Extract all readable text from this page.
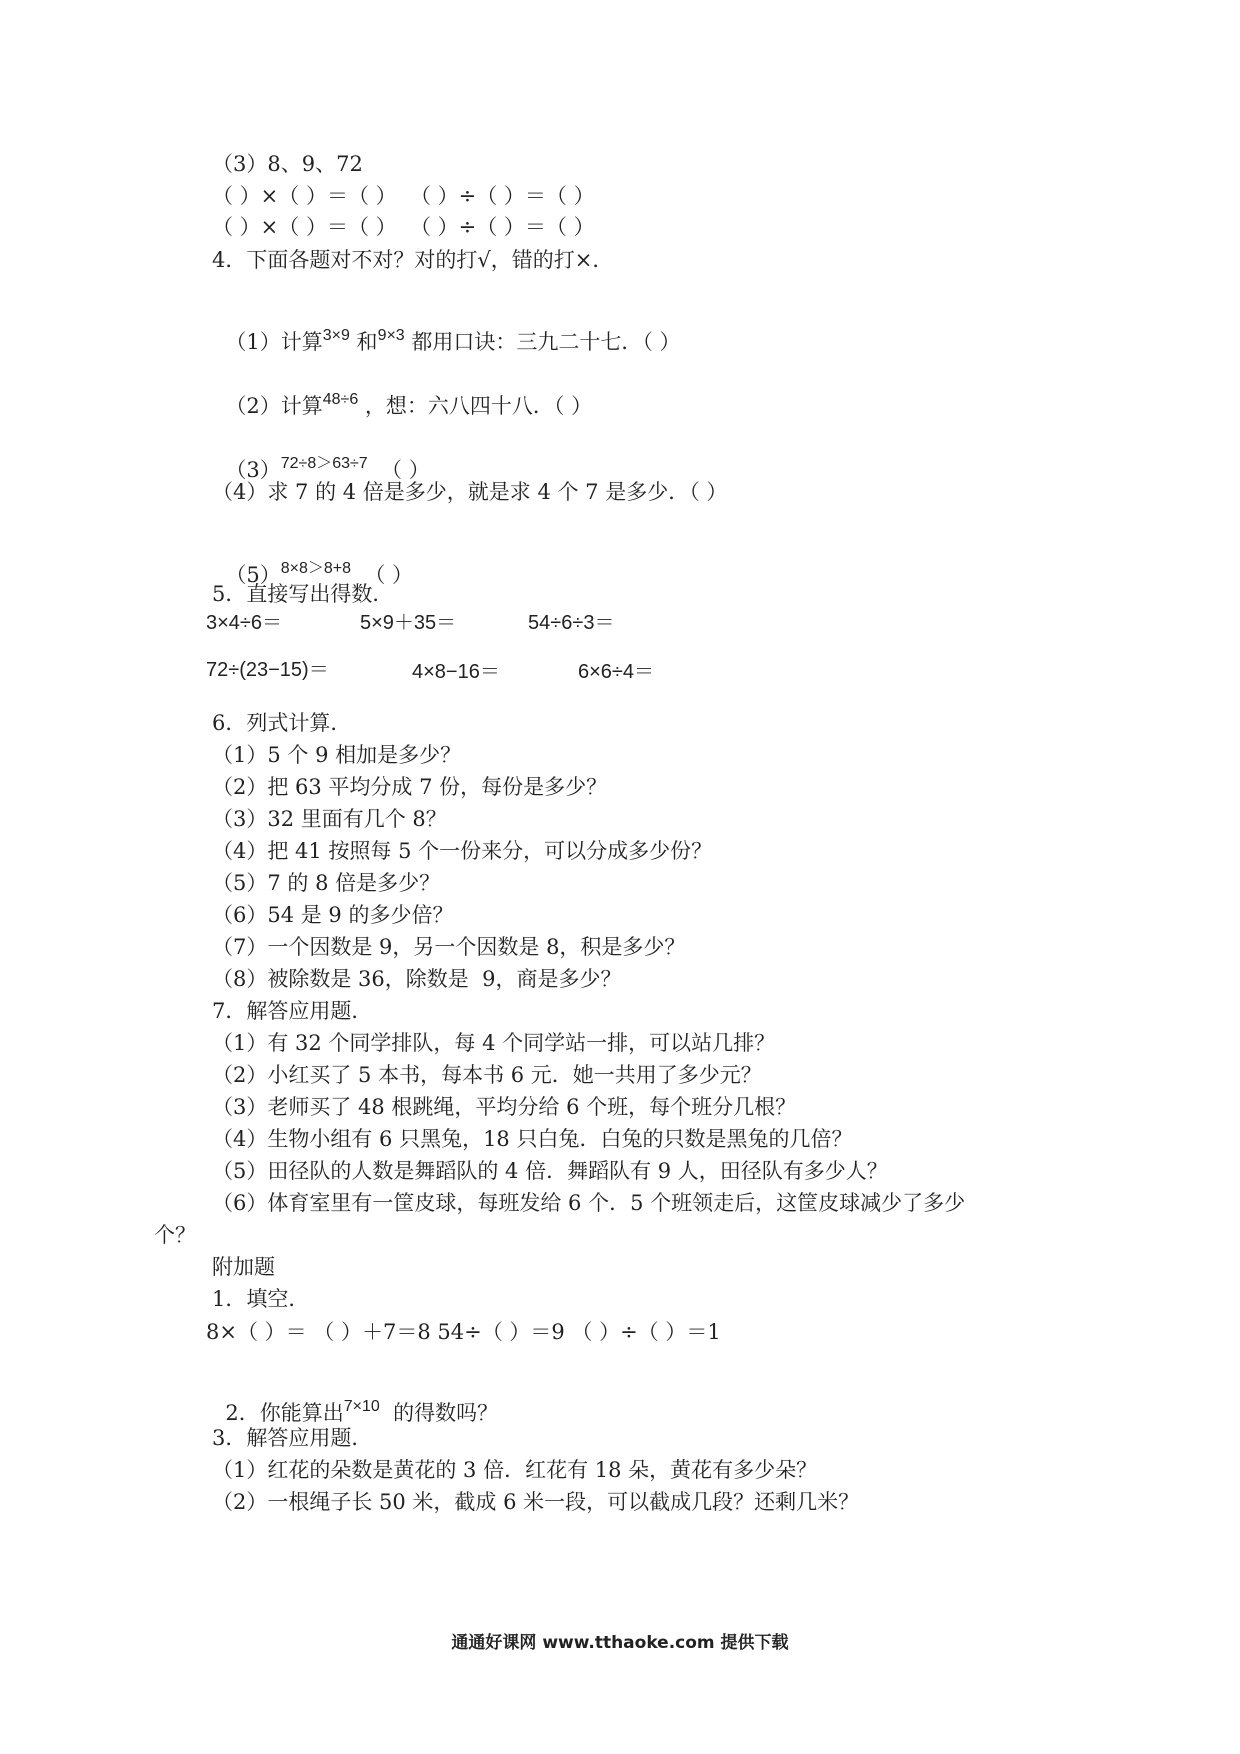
（3）8、9、72
（ ）×（ ）＝（ ）  （ ）÷（ ）＝（ ）
（ ）×（ ）＝（ ）  （ ）÷（ ）＝（ ）
4．下面各题对不对？对的打√，错的打×．

（1）计算$^{3\times 9}$ 和$^{9\times 3}$ 都用口诀：三九二十七．（ ）

（2）计算$^{48\div 6}$ ，想：六八四十八．（ ）

$(3)^{72\div 8>63\div 7}$  （ ）

（4）求 7 的 4 倍是多少，就是求 4 个 7 是多少．（ ）

$(5)^{8\times 8>8+8}$  （ ）

5．直接写出得数．
3×4÷6＝	5×9＋35＝	54÷6÷3＝
72÷(23−15)＝	4×8−16＝	6×6÷4＝
6．列式计算．
（1）5 个 9 相加是多少？
（2）把 63 平均分成 7 份，每份是多少？
（3）32 里面有几个 8？
（4）把 41 按照每 5 个一份来分，可以分成多少份？
（5）7 的 8 倍是多少？
（6）54 是 9 的多少倍？
（7）一个因数是 9，另一个因数是 8，积是多少？
（8）被除数是 36，除数是  9，商是多少？
7．解答应用题．
（1）有 32 个同学排队，每 4 个同学站一排，可以站几排？
（2）小红买了 5 本书，每本书 6 元．她一共用了多少元？
（3）老师买了 48 根跳绳，平均分给 6 个班，每个班分几根？
（4）生物小组有 6 只黑兔，18 只白兔．白兔的只数是黑兔的几倍？
（5）田径队的人数是舞蹈队的 4 倍．舞蹈队有 9 人，田径队有多少人？
（6）体育室里有一筐皮球，每班发给 6 个．5 个班领走后，这筐皮球减少了多少
个？
附加题
1．填空．
8×（ ）＝ （ ）＋7＝8 54÷（ ）＝9 （ ）÷（ ）＝1

2．你能算出$^{7\times 10}$  的得数吗？

3．解答应用题．
（1）红花的朵数是黄花的 3 倍．红花有 18 朵，黄花有多少朵？
（2）一根绳子长 50 米，截成 6 米一段，可以截成几段？还剩几米？
通通好课网 www.tthaoke.com 提供下载
